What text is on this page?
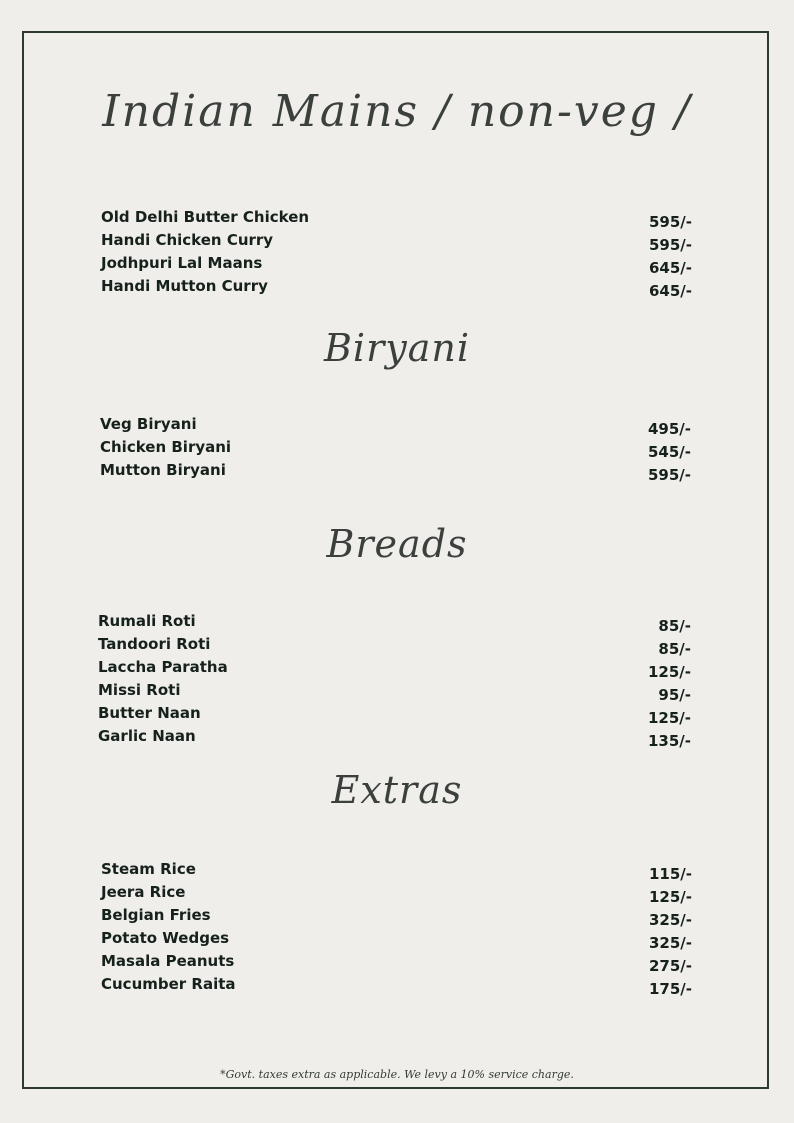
Indian Mains / non-veg /
Old Delhi Butter Chicken	595/-
Handi Chicken Curry	595/-
Jodhpuri Lal Maans	645/-
Handi Mutton Curry	645/-
Biryani
Veg Biryani	495/-
Chicken Biryani	545/-
Mutton Biryani	595/-
Breads
Rumali Roti	85/-
Tandoori Roti	85/-
Laccha Paratha	125/-
Missi Roti	95/-
Butter Naan	125/-
Garlic Naan	135/-
Extras
Steam Rice	115/-
Jeera Rice	125/-
Belgian Fries	325/-
Potato Wedges	325/-
Masala Peanuts	275/-
Cucumber Raita	175/-
*Govt. taxes extra as applicable. We levy a 10% service charge.
